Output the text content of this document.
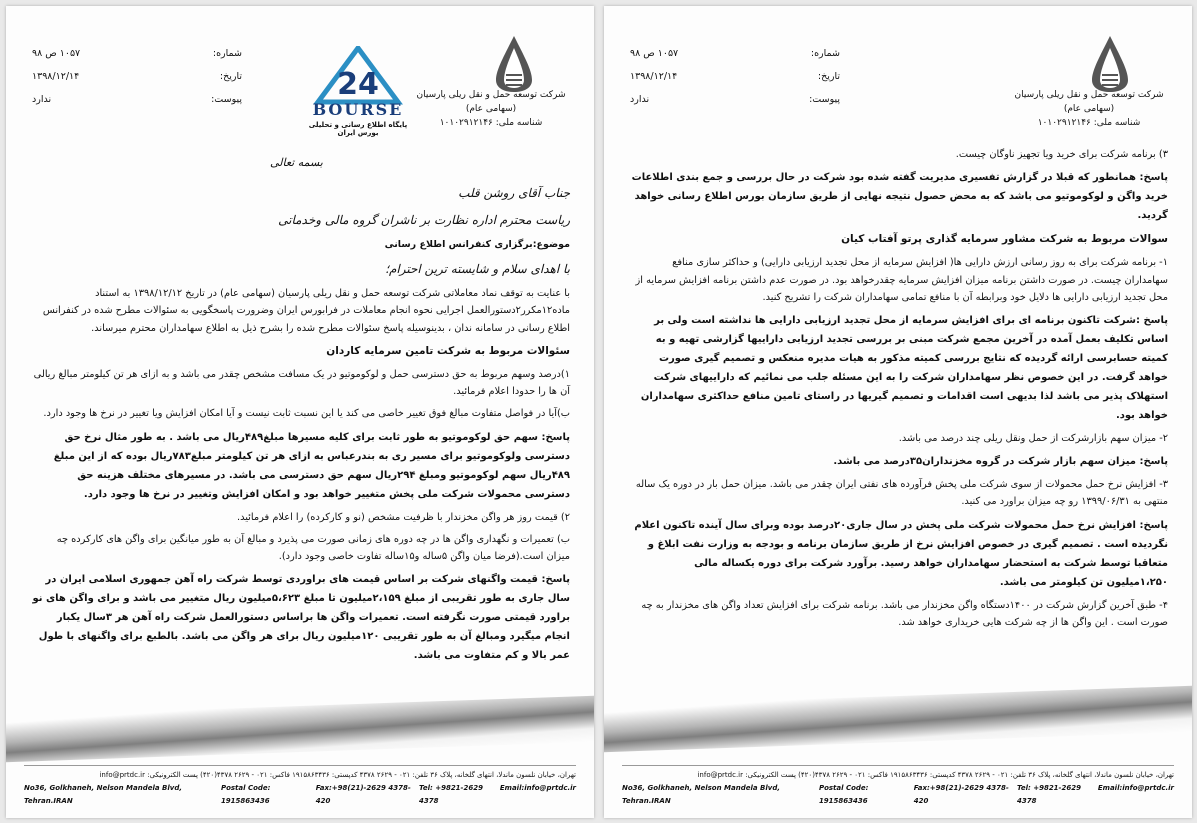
۱۰۵۷ ص ۹۸	شماره:
۱۳۹۸/۱۲/۱۴	تاریخ:
ندارد	پیوست:	24
BOURSE
پایگاه اطلاع رسانی و تحلیلی بورس ایران
شرکت توسعه حمل و نقل ریلی پارسیان
(سهامی عام)
شناسه ملی: ۱۰۱۰۲۹۱۲۱۴۶
بسمه تعالی

جناب آقای روشن قلب

ریاست محترم اداره نظارت بر ناشران گروه مالی وخدماتی

موضوع:برگزاری کنفرانس اطلاع رسانی

با اهدای سلام و شایسته ترین احترام؛

با عنایت به توقف نماد معاملاتی شرکت توسعه حمل و نقل ریلی پارسیان (سهامی عام) در تاریخ ۱۳۹۸/۱۲/۱۲ به استناد ماده۱۲مکرر۲دستورالعمل اجرایی نحوه انجام معاملات در فرابورس ایران وضرورت پاسخگویی به سئوالات مطرح شده در کنفرانس اطلاع رسانی در سامانه ندان ، بدینوسیله پاسخ سئوالات مطرح شده را بشرح ذیل به اطلاع سهامداران محترم میرساند.

سئوالات مربوط به شرکت تامین سرمایه کاردان

۱)درصد وسهم مربوط به حق دسترسی حمل و لوکوموتیو در یک مسافت مشخص چقدر می باشد و به ازای هر تن کیلومتر مبالغ ریالی آن ها را حدودا اعلام فرمائید.

ب)آیا در فواصل متفاوت مبالغ فوق تغییر خاصی می کند یا این نسبت ثابت نیست و آیا امکان افزایش ویا تغییر در نرخ ها وجود دارد.

پاسخ: سهم حق لوکوموتیو به طور ثابت برای کلیه مسیرها مبلغ۴۸۹ریال می باشد . به طور مثال نرخ حق دسترسی ولوکوموتیو برای مسیر ری به بندرعباس به ازای هر تن کیلومتر مبلغ۷۸۳ریال بوده که از این مبلغ ۴۸۹ریال سهم لوکوموتیو ومبلغ ۲۹۴ریال سهم حق دسترسی می باشد. در مسیرهای مختلف هزینه حق دسترسی محمولات شرکت ملی پخش متغییر خواهد بود و امکان افزایش وتغییر در نرخ ها وجود دارد.

۲) قیمت روز هر واگن مخزندار با ظرفیت مشخص (نو و کارکرده) را اعلام فرمائید.

ب) تعمیرات و نگهداری واگن ها در چه دوره های زمانی صورت می پذیرد و مبالغ آن به طور میانگین برای واگن های کارکرده چه میزان است.(فرضا میان واگن ۵ساله و۱۵ساله تفاوت خاصی وجود دارد).

پاسخ: قیمت واگنهای شرکت بر اساس قیمت های براوردی توسط شرکت راه آهن جمهوری اسلامی ایران در سال جاری به طور تقریبی از مبلغ ۲،۱۵۹میلیون تا مبلغ ۵،۶۲۳میلیون ریال متغییر می باشد و برای واگن های نو براورد قیمتی صورت نگرفته است. تعمیرات واگن ها براساس دستورالعمل شرکت راه آهن هر ۳سال یکبار انجام میگیرد ومبالغ آن به طور تقریبی ۱۲۰میلیون ریال برای هر واگن می باشد. بالطبع برای واگنهای با طول عمر بالا و کم متفاوت می باشد.

تهران، خیابان نلسون ماندلا، انتهای گلخانه، پلاک ۳۶ تلفن: ۰۲۱ - ۲۶۲۹ ۴۳۷۸ کدپستی: ۱۹۱۵۸۶۳۴۳۶ فاکس: ۰۲۱ - ۲۶۲۹ ۴۳۷۸(۴۲۰) پست الکترونیکی: info@prtdc.ir
No36, Golkhaneh, Nelson Mandela Blvd, Tehran.IRAN
Postal Code: 1915863436
Fax:+98(21)-2629 4378-420
Tel: +9821-2629 4378
Email:info@prtdc.ir
۱۰۵۷ ص ۹۸	شماره:
۱۳۹۸/۱۲/۱۴	تاریخ:
ندارد	پیوست:	شرکت توسعه حمل و نقل ریلی پارسیان
(سهامی عام)
شناسه ملی: ۱۰۱۰۲۹۱۲۱۴۶

۳) برنامه شرکت برای خرید ویا تجهیز ناوگان چیست.

پاسخ: همانطور که قبلا در گزارش تفسیری مدیریت گفته شده بود شرکت در حال بررسی و جمع بندی اطلاعات خرید واگن و لوکوموتیو می باشد که به محض حصول نتیجه نهایی از طریق سازمان بورس اطلاع رسانی خواهد گردید.

سوالات مربوط به شرکت مشاور سرمایه گذاری پرتو آفتاب کیان

۱- برنامه شرکت برای به روز رسانی ارزش دارایی ها( افزایش سرمایه از محل تجدید ارزیابی دارایی) و حداکثر سازی منافع سهامداران چیست. در صورت داشتن برنامه میزان افزایش سرمایه چقدرخواهد بود. در صورت عدم داشتن برنامه افزایش سرمایه از محل تجدید ارزیابی دارایی ها دلایل خود وبرابطه آن با منافع تمامی سهامداران شرکت را تشریح کنید.

پاسخ :شرکت تاکنون برنامه ای برای افزایش سرمایه از محل تجدید ارزیابی دارایی ها نداشته است ولی بر اساس تکلیف بعمل آمده در آخرین مجمع شرکت مبنی بر بررسی تجدید ارزیابی داراییها گزارشی تهیه و به کمیته حسابرسی ارائه گردیده که نتایج بررسی کمیته مذکور به هیات مدیره منعکس و تصمیم گیری صورت خواهد گرفت. در این خصوص نظر سهامداران شرکت را به این مسئله جلب می نمائیم که داراییهای شرکت استهلاک پذیر می باشد لذا بدیهی است اقدامات و تصمیم گیریها در راستای تامین منافع حداکثری سهامداران خواهد بود.

۲- میزان سهم بازارشرکت از حمل ونقل ریلی چند درصد می باشد.

پاسخ: میزان سهم بازار شرکت در گروه مخزنداران۳۵درصد می باشد.

۳- افزایش نرخ حمل محمولات از سوی شرکت ملی پخش فرآورده های نفتی ایران چقدر می باشد. میزان حمل بار در دوره یک ساله منتهی به ۱۳۹۹/۰۶/۳۱ رو چه میزان براورد می کنید.

پاسخ: افزایش نرخ حمل محمولات شرکت ملی پخش در سال جاری۲۰درصد بوده وبرای سال آینده تاکنون اعلام نگردیده است . تصمیم گیری در خصوص افزایش نرخ از طریق سازمان برنامه و بودجه به وزارت نفت ابلاغ و متعاقبا توسط شرکت به استحضار سهامداران خواهد رسید. برآورد شرکت برای دوره یکساله مالی ۱،۲۵۰میلیون تن کیلومتر می باشد.

۴- طبق آخرین گزارش شرکت در ۱۴۰۰دستگاه واگن مخزندار می باشد. برنامه شرکت برای افزایش تعداد واگن های مخزندار به چه صورت است . این واگن ها از چه شرکت هایی خریداری خواهد شد.

تهران، خیابان نلسون ماندلا، انتهای گلخانه، پلاک ۳۶ تلفن: ۰۲۱ - ۲۶۲۹ ۴۳۷۸ کدپستی: ۱۹۱۵۸۶۳۴۳۶ فاکس: ۰۲۱ - ۲۶۲۹ ۴۳۷۸(۴۲۰) پست الکترونیکی: info@prtdc.ir
No36, Golkhaneh, Nelson Mandela Blvd, Tehran.IRAN
Postal Code: 1915863436
Fax:+98(21)-2629 4378-420
Tel: +9821-2629 4378
Email:info@prtdc.ir
